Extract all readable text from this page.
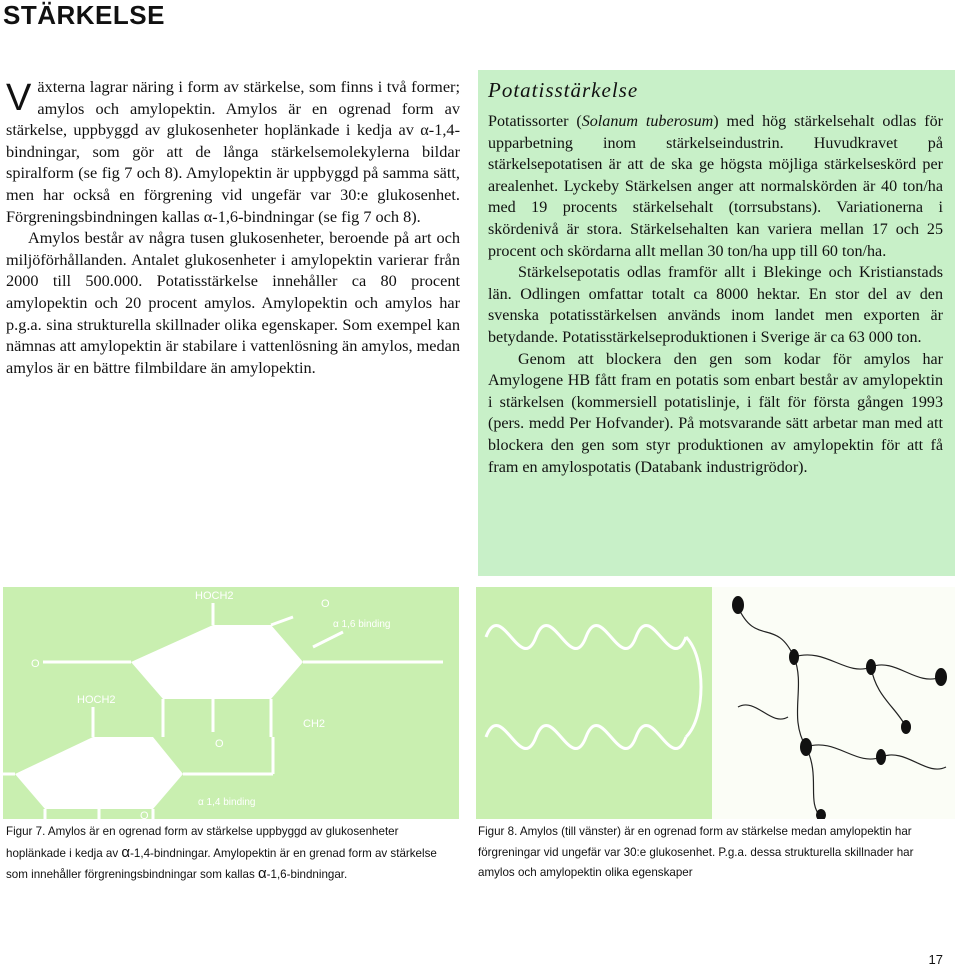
STÄRKELSE

Växterna lagrar näring i form av stärkelse, som finns i två former; amylos och amylopektin. Amylos är en ogrenad form av stärkelse, uppbyggd av glukosenheter hoplänkade i kedja av α-1,4-bindningar, som gör att de långa stärkelsemolekylerna bildar spiralform (se fig 7 och 8). Amylopektin är uppbyggd på samma sätt, men har också en förgrening vid ungefär var 30:e glukosenhet. Förgreningsbindningen kallas α-1,6-bindningar (se fig 7 och 8).

Amylos består av några tusen glukosenheter, beroende på art och miljöförhållanden. Antalet glukosenheter i amylopektin varierar från 2000 till 500.000. Potatisstärkelse innehåller ca 80 procent amylopektin och 20 procent amylos. Amylopektin och amylos har p.g.a. sina strukturella skillnader olika egenskaper. Som exempel kan nämnas att amylopektin är stabilare i vattenlösning än amylos, medan amylos är en bättre filmbildare än amylopektin.

Potatisstärkelse

Potatissorter (Solanum tuberosum) med hög stärkelsehalt odlas för upparbetning inom stärkelseindustrin. Huvudkravet på stärkelsepotatisen är att de ska ge högsta möjliga stärkelseskörd per arealenhet. Lyckeby Stärkelsen anger att normalskörden är 40 ton/ha med 19 procents stärkelsehalt (torrsubstans). Variationerna i skördenivå är stora. Stärkelsehalten kan variera mellan 17 och 25 procent och skördarna allt mellan 30 ton/ha upp till 60 ton/ha.

Stärkelsepotatis odlas framför allt i Blekinge och Kristianstads län. Odlingen omfattar totalt ca 8000 hektar. En stor del av den svenska potatisstärkelsen används inom landet men exporten är betydande. Potatisstärkelseproduktionen i Sverige är ca 63 000 ton.

Genom att blockera den gen som kodar för amylos har Amylogene HB fått fram en potatis som enbart består av amylopektin i stärkelsen (kommersiell potatislinje, i fält för första gången 1993 (pers. medd Per Hofvander). På motsvarande sätt arbetar man med att blockera den gen som styr produktionen av amylopektin för att få fram en amylospotatis (Databank industrigrödor).

HOCH2
HOCH2
CH2
α 1,6 binding
α 1,4 binding
O
O
OH
H
O
H
OH
O
Figur 7. Amylos är en ogrenad form av stärkelse uppbyggd av glukosenheter hoplänkade i kedja av α-1,4-bindningar. Amylopektin är en grenad form av stärkelse som innehåller förgreningsbindningar som kallas α-1,6-bindningar.
Figur 8. Amylos (till vänster) är en ogrenad form av stärkelse medan amylopektin har förgreningar vid ungefär var 30:e glukosenhet. P.g.a. dessa strukturella skillnader har amylos och amylopektin olika egenskaper
17
